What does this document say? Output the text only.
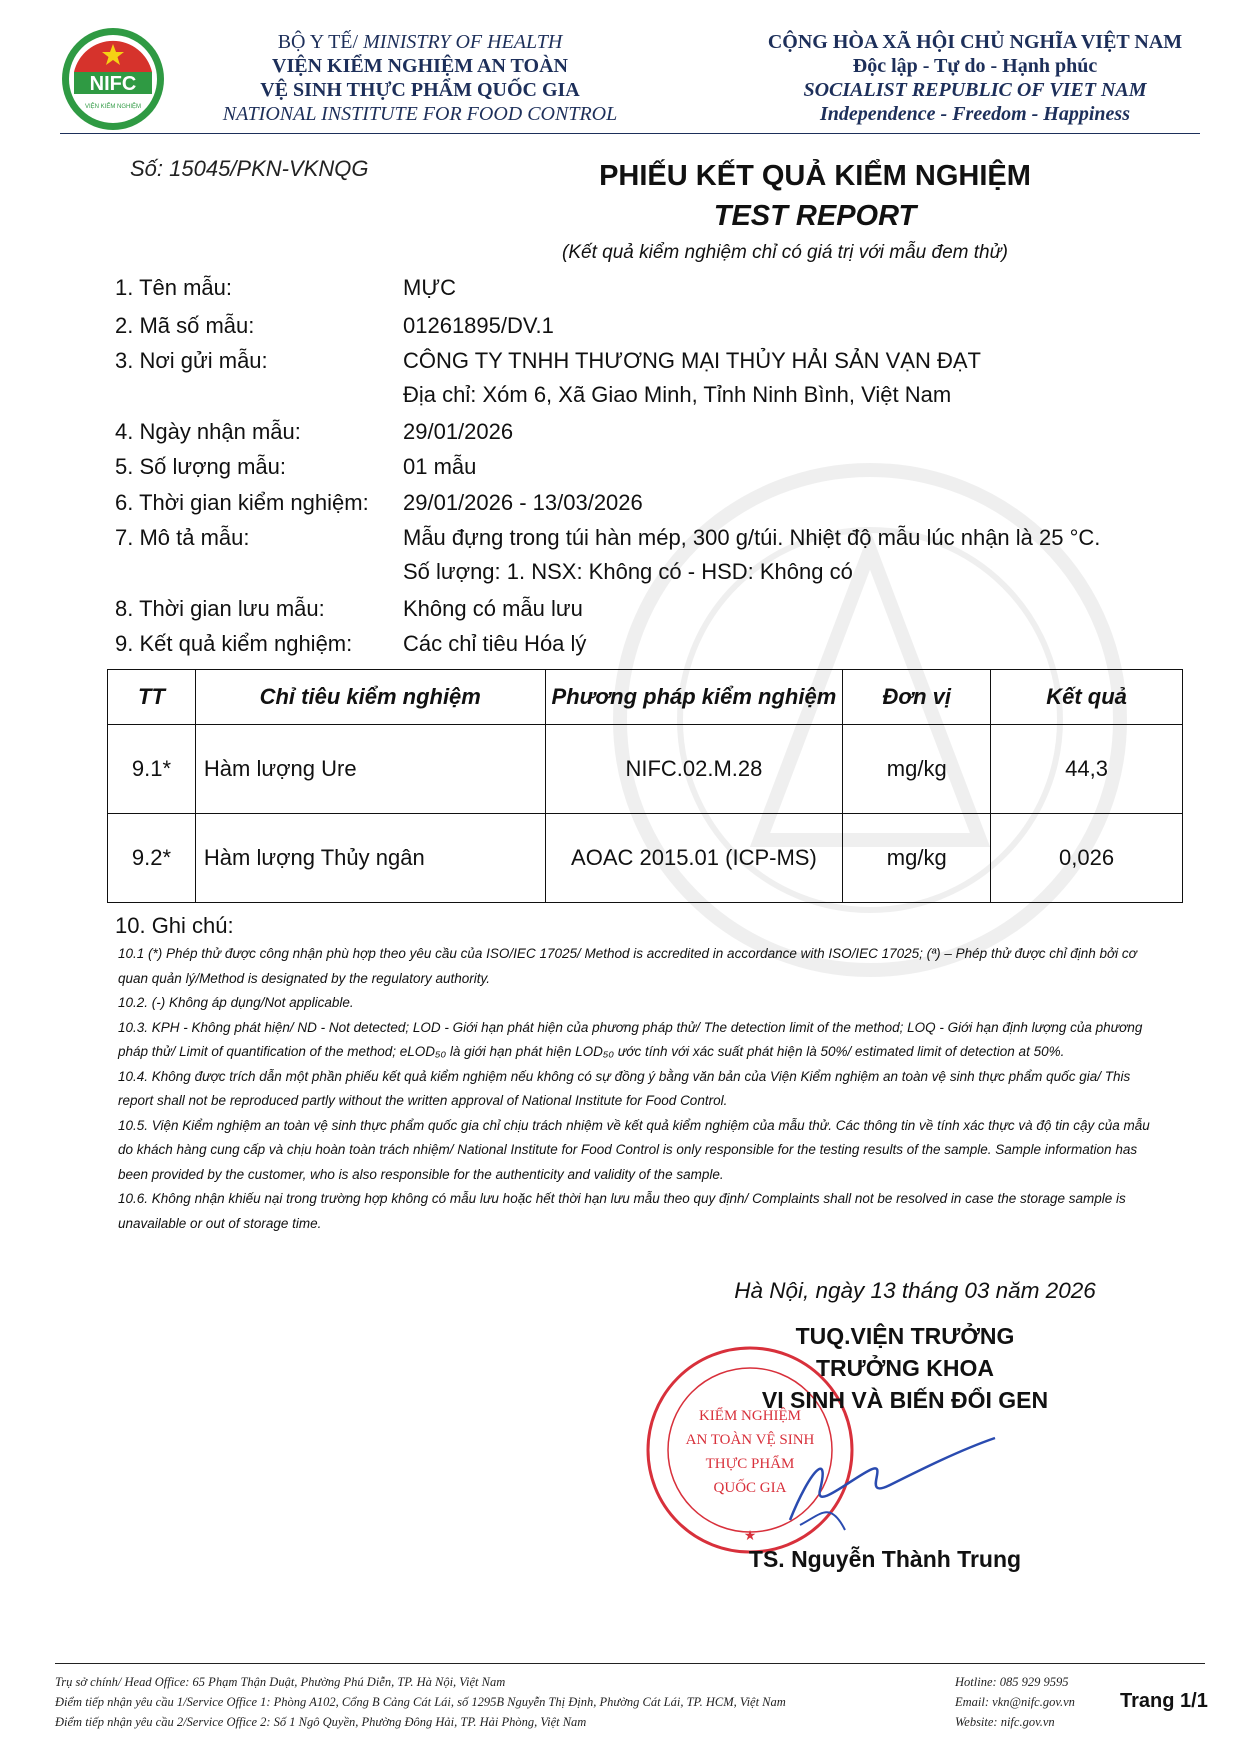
NIFC
VIỆN KIỂM NGHIỆM
BỘ Y TẾ/ MINISTRY OF HEALTH
VIỆN KIỂM NGHIỆM AN TOÀN
VỆ SINH THỰC PHẨM QUỐC GIA
NATIONAL INSTITUTE FOR FOOD CONTROL
CỘNG HÒA XÃ HỘI CHỦ NGHĨA VIỆT NAM
Độc lập - Tự do - Hạnh phúc
SOCIALIST REPUBLIC OF VIET NAM
Independence - Freedom - Happiness
Số: 15045/PKN-VKNQG	PHIẾU KẾT QUẢ KIỂM NGHIỆM
TEST REPORT
(Kết quả kiểm nghiệm chỉ có giá trị với mẫu đem thử)
1. Tên mẫu:	MỰC
2. Mã số mẫu:	01261895/DV.1
3. Nơi gửi mẫu:	CÔNG TY TNHH THƯƠNG MẠI THỦY HẢI SẢN VẠN ĐẠT
Địa chỉ: Xóm 6, Xã Giao Minh, Tỉnh Ninh Bình, Việt Nam
4. Ngày nhận mẫu:	29/01/2026
5. Số lượng mẫu:	01 mẫu
6. Thời gian kiểm nghiệm: 29/01/2026 - 13/03/2026
7. Mô tả mẫu:	Mẫu đựng trong túi hàn mép, 300 g/túi. Nhiệt độ mẫu lúc nhận là 25 °C.
Số lượng: 1. NSX: Không có - HSD: Không có
8. Thời gian lưu mẫu:	Không có mẫu lưu
9. Kết quả kiểm nghiệm: Các chỉ tiêu Hóa lý
TT	Chỉ tiêu kiểm nghiệm	Phương pháp kiểm nghiệm	Đơn vị	Kết quả
9.1*	Hàm lượng Ure	NIFC.02.M.28	mg/kg	44,3
9.2*	Hàm lượng Thủy ngân	AOAC 2015.01 (ICP-MS)	mg/kg	0,026
10. Ghi chú:

10.1 (*) Phép thử được công nhận phù hợp theo yêu cầu của ISO/IEC 17025/ Method is accredited in accordance with ISO/IEC 17025; (ª) – Phép thử được chỉ định bởi cơ quan quản lý/Method is designated by the regulatory authority.

10.2. (-) Không áp dụng/Not applicable.

10.3. KPH - Không phát hiện/ ND - Not detected; LOD - Giới hạn phát hiện của phương pháp thử/ The detection limit of the method; LOQ - Giới hạn định lượng của phương pháp thử/ Limit of quantification of the method; eLOD₅₀ là giới hạn phát hiện LOD₅₀ ước tính với xác suất phát hiện là 50%/ estimated limit of detection at 50%.

10.4. Không được trích dẫn một phần phiếu kết quả kiểm nghiệm nếu không có sự đồng ý bằng văn bản của Viện Kiểm nghiệm an toàn vệ sinh thực phẩm quốc gia/ This report shall not be reproduced partly without the written approval of National Institute for Food Control.

10.5. Viện Kiểm nghiệm an toàn vệ sinh thực phẩm quốc gia chỉ chịu trách nhiệm về kết quả kiểm nghiệm của mẫu thử. Các thông tin về tính xác thực và độ tin cậy của mẫu do khách hàng cung cấp và chịu hoàn toàn trách nhiệm/ National Institute for Food Control is only responsible for the testing results of the sample. Sample information has been provided by the customer, who is also responsible for the authenticity and validity of the sample.

10.6. Không nhận khiếu nại trong trường hợp không có mẫu lưu hoặc hết thời hạn lưu mẫu theo quy định/ Complaints shall not be resolved in case the storage sample is unavailable or out of storage time.

Hà Nội, ngày 13 tháng 03 năm 2026
KIỂM NGHIỆM
AN TOÀN VỆ SINH
THỰC PHẨM
QUỐC GIA
★
TUQ.VIỆN TRƯỞNG
TRƯỞNG KHOA
VI SINH VÀ BIẾN ĐỔI GEN
TS. Nguyễn Thành Trung
Trụ sở chính/ Head Office: 65 Phạm Thận Duật, Phường Phú Diễn, TP. Hà Nội, Việt Nam
Điểm tiếp nhận yêu cầu 1/Service Office 1: Phòng A102, Cổng B Cảng Cát Lái, số 1295B Nguyễn Thị Định, Phường Cát Lái, TP. HCM, Việt Nam
Điểm tiếp nhận yêu cầu 2/Service Office 2: Số 1 Ngô Quyền, Phường Đông Hải, TP. Hải Phòng, Việt Nam
Hotline: 085 929 9595
Email: vkn@nifc.gov.vn
Website: nifc.gov.vn
Trang 1/1
